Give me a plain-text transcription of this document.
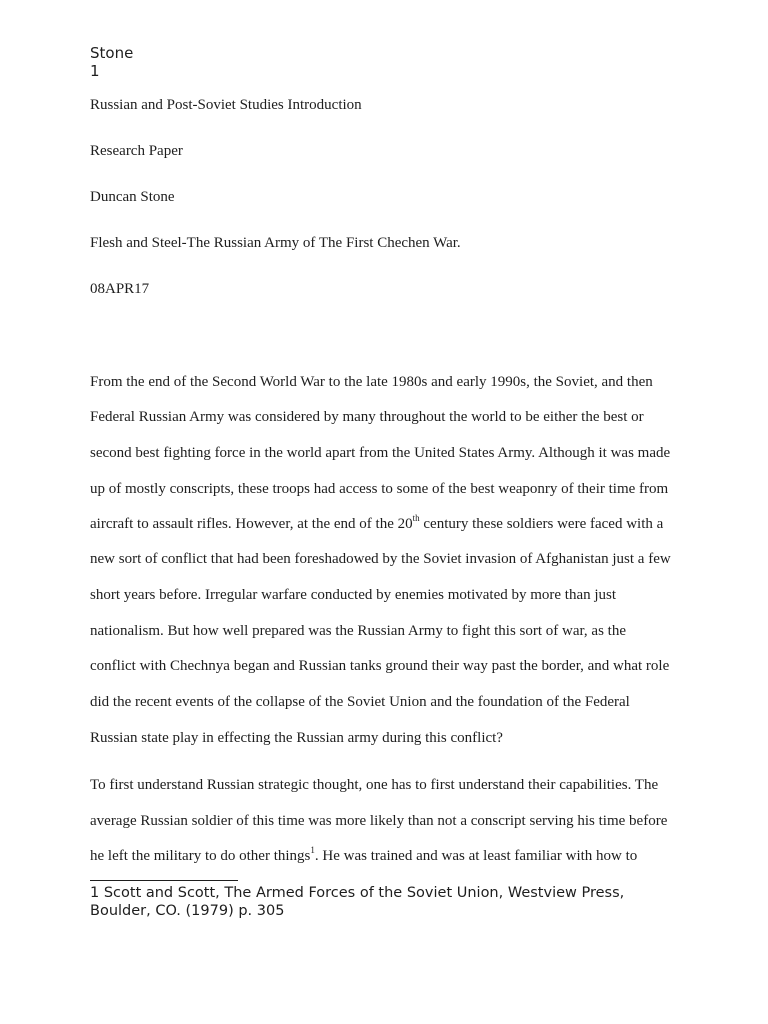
Stone
1
Russian and Post-Soviet Studies Introduction
Research Paper
Duncan Stone
Flesh and Steel-The Russian Army of The First Chechen War.
08APR17
From the end of the Second World War to the late 1980s and early 1990s, the Soviet, and then
Federal Russian Army was considered by many throughout the world to be either the best or
second best fighting force in the world apart from the United States Army. Although it was made
up of mostly conscripts, these troops had access to some of the best weaponry of their time from
aircraft to assault rifles. However, at the end of the 20th century these soldiers were faced with a
new sort of conflict that had been foreshadowed by the Soviet invasion of Afghanistan just a few
short years before. Irregular warfare conducted by enemies motivated by more than just
nationalism. But how well prepared was the Russian Army to fight this sort of war, as the
conflict with Chechnya began and Russian tanks ground their way past the border, and what role
did the recent events of the collapse of the Soviet Union and the foundation of the Federal
Russian state play in effecting the Russian army during this conflict?
To first understand Russian strategic thought, one has to first understand their capabilities. The
average Russian soldier of this time was more likely than not a conscript serving his time before
he left the military to do other things$^1$. He was trained and was at least familiar with how to
1 Scott and Scott, The Armed Forces of the Soviet Union, Westview Press, Boulder, CO. (1979) p. 305
